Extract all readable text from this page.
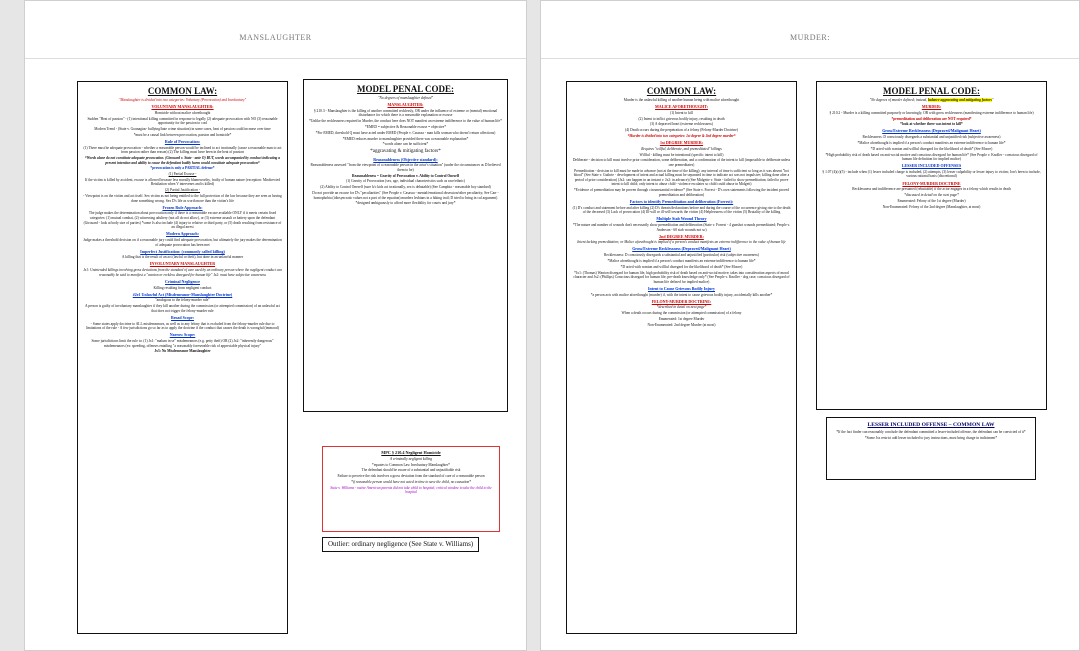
MANSLAUGHTER
COMMON LAW:

"Manslaughter is divided into two categories: Voluntary (Provocation) and Involuntary"

VOLUNTARY MANSLAUGHTER:

Homicide without malice aforethought

Sudden "Heat of passion" - (1) intentional killing committed in response to legally (2) adequate provocation with NO (3) reasonable opportunity for the passion to cool

Modern Trend - (State v. Gounagias- bullying/hate crime situation) in some cases, heat of passion could increase over time

*must be a causal link between provocation, passion and homicide*

Rule of Provocation:

(1) There must be adequate provocation - whether a reasonable person would be inclined to act irrationally (cause a reasonable man to act from passion rather than reason) (2) The killing must have been in the heat of passion

*Words alone do not constitute adequate provocation. (Girouard v. State - ante O) BUT, words accompanied by conduct indicating a present intention and ability to cause the defendant bodily harm would constitute adequate provocation*

*provocation is only a PARTIAL defense*

(1) Partial Excuse -

If the victim is killed by accident, excuse is allowed because less morally blameworthy, frailty of human nature (exception: Misdirected Retaliation when V intervenes and is killed)

(2) Partial Justification -

- Viewpoint is on the victim and act itself. Sex victim as not being entitled to the full protection of the law because they are seen as having done something wrong. Sex D's life as worth more than the victim's life

Frozen Rule Approach:

The judge makes the determination about provocation only if there is a reasonable excuse available ONLY if it meets certain fixed categories: (1) mutual combat, (2) witnessing adultery (not all do not allow), or (3) extreme assault or battery upon the defendant (Girouard - look at body size of parties) *some Js also include (4) injury to relative or third party, or (5) death resulting from resistance of an illegal arrest

Modern Approach:

Judge makes a threshold decision on if a reasonable jury could find adequate provocation, but ultimately the jury makes the determination of adequate provocation has been met

Imperfect Justification: (commonly called killing)

A killing that is the result of an act (lawful or theft), but done in an unlawful manner

INVOLUNTARY MANSLAUGHTER

Jx1: Unintended killings involving gross deviations from the standard of care used by an ordinary person where the negligent conduct can reasonably be said to manifest a "wanton or reckless disregard for human life" Jx2: must have subjective awareness

Criminal Negligence

Killing resulting from negligent conduct

#2e1 Unlawful Act (Misdemeanor-Manslaughter Doctrine)

"analogous to the felony-murder rule"

A person is guilty of involuntary manslaughter if they kill another during the commission (or attempted commission) of an unlawful act that does not trigger the felony-murder rule

Broad Scope:

- Some states apply doctrine to ALL misdemeanors, as well as to any felony that is excluded from the felony-murder rule due to limitations of the rule - A few jurisdictions go so far as to apply the doctrine if the conduct that causes the death is wrongful (immoral)

Narrow Scope:

Some jurisdictions limit the rule to: (1) Jx1: "malum in se" misdemeanors (e.g. petty theft) OR (2) Jx2: "inherently dangerous" misdemeanors (ex: speeding, offenses entailing "a reasonably foreseeable risk of appreciable physical injury"

Jx3: No Misdemeanor Manslaughter

MODEL PENAL CODE:

"No degrees of manslaughter defined"

MANSLAUGHTER:

§ 210.3 - Manslaughter is the killing of another committed recklessly, OR under the influence of extreme or (mental) emotional disturbance for which there is a reasonable explanation or excuse

*Unlike the recklessness required in Murder, the conduct here does NOT manifest an extreme indifference to the value of human life*

*EMED = subjective & Reasonable excuse = objective*

*For EMED, threshold Q must have acted under EMED (People v. Casassa - man kills woman who doesn't return affections)

*EMED reduces murder to manslaughter provided there was a reasonable explanation*

*words alone can be sufficient*

*aggravating & mitigating factors*

Reasonableness (Objective standard):

Reasonableness assessed "from the viewpoint of a reasonable person in the actor's situation" (under the circumstances as D believed them to be)

Reasonableness = Gravity of Provocation v. Ability to Control Oneself

(1) Gravity of Provocation (sex, age, individual characteristics such as race/ethnic)

(2) Ability to Control Oneself (sure h/c kids act irrationally, sex is debatable) (See Campbia - reasonable boy standard)

Do not provide an excuse for D's "peculiarities" (See People v. Casassa - mental/emotional obsession/other peculiarity; See Carr - homophobia (idiosyncratic values not a part of the equation) murders lesbians in a hiking trail; D tried to bring in cul argument)

*designed ambiguously to afford more flexibility for courts and jury*

MPC § 210.4 Negligent Homicide

A criminally negligent killing

*equates to Common Law Involuntary Manslaughter*

The defendant should be aware of a substantial and unjustifiable risk

Failure to perceive the risk involves a gross deviation from the standard of care of a reasonable person

*if reasonable person would have not acted in time to save the child, no causation*

State v. Williams - native American parents did not take child to hospital; critical window to take the child to the hospital

Outlier: ordinary negligence (See State v. Williams)
MURDER:
COMMON LAW:

Murder is the unlawful killing of another human being with malice aforethought

MALICE AFORETHOUGHT:

(1) Intent to kill

(2) Intent to inflict grievous bodily injury, resulting in death

(3) A depraved heart (extreme recklessness)

(4) Death occurs during the perpetration of a felony (Felony-Murder Doctrine)

*Murder is divided into two categories: 1st degree & 2nd degree murder*

1st DEGREE MURDER:

Requires "willful, deliberate, and premeditated" killings

Willful - killing must be intentional (specific intent to kill)

Deliberate - decision to kill must involve prior consideration, some deliberation, and a confirmation of the intent to kill (impossible to deliberate unless one premeditates)

Premeditation - decision to kill must be made in advance (not at the time of the killing); any interval of time is sufficient so long as it was absent "hot blood" (See State v. Guthrie - development of intent and actual killing must be separated in time to indicate act was not impulsive; killing done after a period of prior consideration) (Jx2: can happen in an instant v. Jx2: in advance) (See Midgette v. State - failed to show premeditation; failed to prove intent to kill child; only intent to abuse child - violence escalates so child could abuse in Midgett)

*Evidence of premeditation may be proven through circumstantial evidence* (See State v. Forrest - D's own statements following the incident proved premeditation and deliberation)

Factors to identify Premeditation and deliberation (Forrest):

(1) D's conduct and statement before and after killing (2) D's threats/declarations before and during the course of the occurrence giving rise to the death of the deceased (3) Lack of provocation (4) Ill-will or ill-will towards the victim (4) Helplessness of the victim (5) Brutality of the killing

Multiple Stab Wound Theory

*The nature and number of wounds don't necessarily show premeditation and deliberation (State v. Forrest - 4 gunshot wounds premeditated; People v. Anderson - 60 stab wounds not so)

2nd DEGREE MURDER:

Intent lacking premeditation; or Malice aforethought is implied if a person's conduct manifests an extreme indifference to the value of human life

Gross/Extreme Recklessness (Depraved/Malignant Heart)

Recklessness: D consciously disregards a substantial and unjustified (particular) risk (subjective awareness)

*Malice aforethought is implied if a person's conduct manifests an extreme indifference to human life*

*D acted with wanton and willful disregard for the likelihood of death* (See Moore)

*Jx1: (Thomas) Wanton disregard for human life, high probability risk of death based on anti-social motive; takes into consideration aspects of moral character and Jx2: (Phillips) Conscious disregard for human life; pre-death knowledge only* (See People v. Knoller - dog case; conscious disregard of human life defined for implied malice)

Intent to Cause Grievous Bodily Injury

*a person acts with malice aforethought (murder) if, with the intent to cause grievous bodily injury, accidentally kills another*

FELONY-MURDER DOCTRINE:

*described in detail on next page*

When a death occurs during the commission (or attempted commission) of a felony

Enumerated: 1st degree Murder

Non-Enumerated: 2nd degree Murder (at most)

MODEL PENAL CODE:

"No degrees of murder defined; instead, balance aggravating and mitigating factors"

MURDER:

§ 210.2 - Murder is a killing committed purposely or knowingly, OR with gross recklessness (manifesting extreme indifference to human life)

*premeditation and deliberation are NOT required*

*look at whether there was intent to kill*

Gross/Extreme Recklessness (Depraved/Malignant Heart)

Recklessness: D consciously disregards a substantial and unjustified risk (subjective awareness)

*Malice aforethought is implied if a person's conduct manifests an extreme indifference to human life*

*D acted with wanton and willful disregard for the likelihood of death* (See Moore)

*High probability risk of death based on anti-social motive and conscious disregard for human life* (See People v. Knoller - conscious disregard of human life definition for implied malice)

LESSER INCLUDED OFFENSES

§ 1.07 (4)(c)(5) - include when (1) lesser included charge is included, (2) attempts, (3) lesser culpability or lesser injury to victim; Jon's been to include, various rational basis (discretional)

FELONY-MURDER DOCTRINE

Recklessness and indifference are presumed (rebuttable) if the actor engages in a felony which results in death

*discussed in detail on the next page*

Enumerated: Felony of the 1st degree (Murder)

Non-Enumerated: Felony of the 2nd degree (Manslaughter, at most)

LESSER INCLUDED OFFENSE – COMMON LAW

*If the fact finder can reasonably conclude the defendant committed a lesser-included offense, the defendant can be convicted of it*

*Some Jxs restrict add lesser included to jury instructions, must bring charge in indictment*
